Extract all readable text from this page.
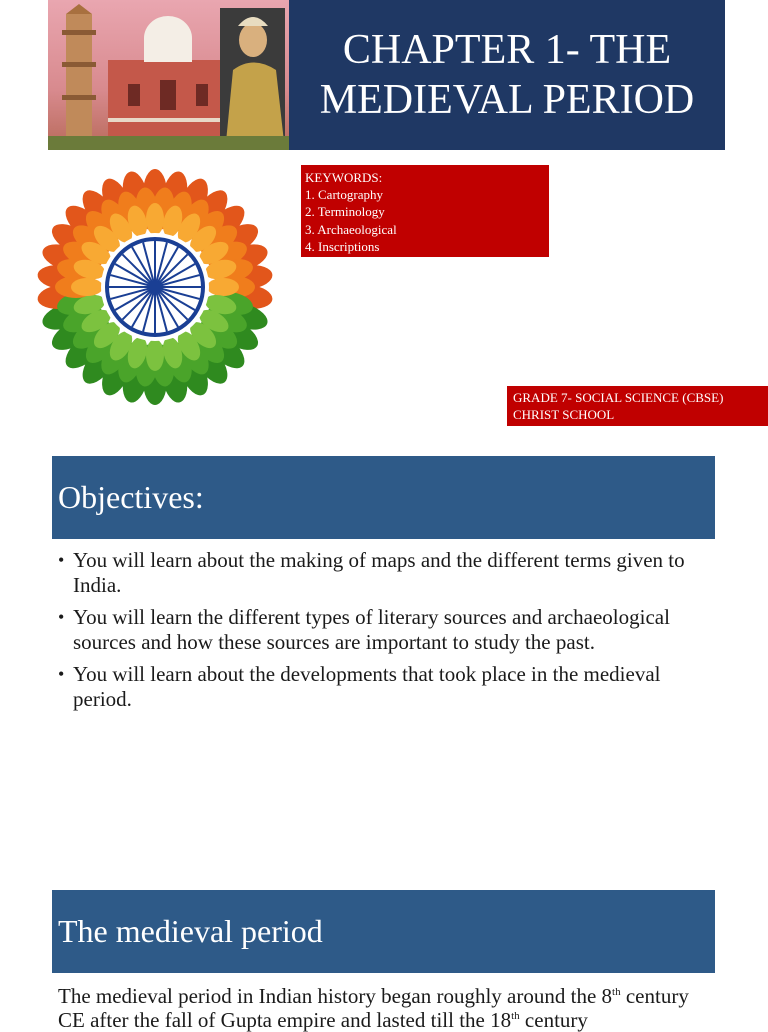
CHAPTER 1- THE
MEDIEVAL PERIOD
KEYWORDS:
1. Cartography
2. Terminology
3. Archaeological
4. Inscriptions
GRADE 7- SOCIAL SCIENCE (CBSE)
CHRIST SCHOOL
Objectives:
• You will learn about the making of maps and the different terms given to India.
• You will learn the different types of literary sources and archaeological sources and how these sources are important to study the past.
• You will learn about the developments that took place in the medieval period.
The medieval period
The medieval period in Indian history began roughly around the 8th century CE after the fall of Gupta empire and lasted till the 18th century
